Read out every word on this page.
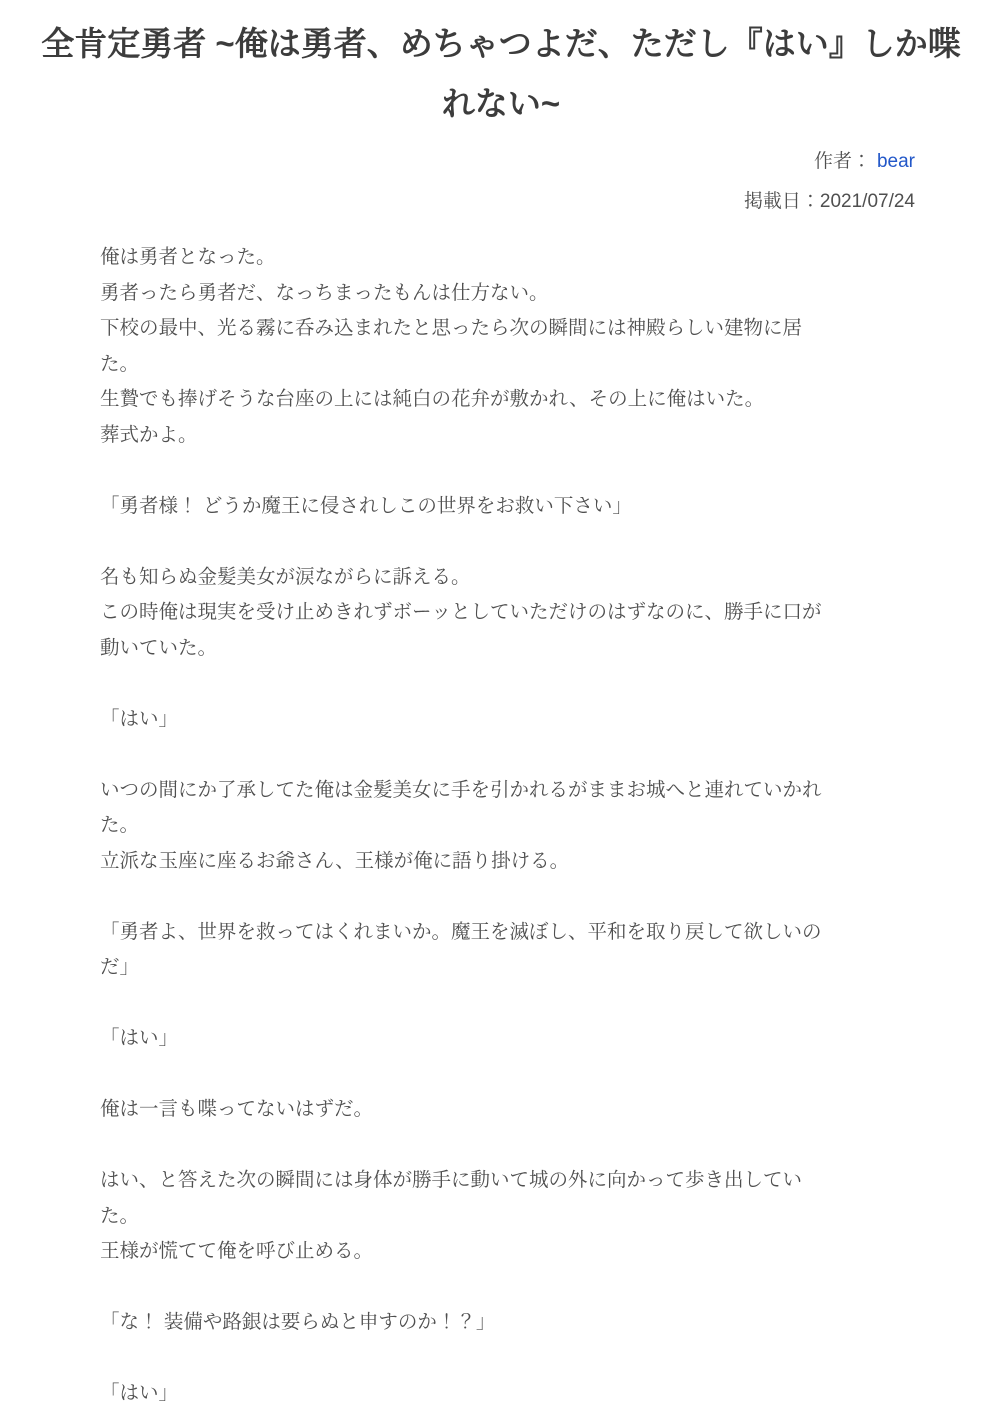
全肯定勇者 ~俺は勇者、めちゃつよだ、ただし『はい』しか喋れない~
作者： bear
掲載日：2021/07/24

俺は勇者となった。

勇者ったら勇者だ、なっちまったもんは仕方ない。

下校の最中、光る霧に呑み込まれたと思ったら次の瞬間には神殿らしい建物に居た。

生贄でも捧げそうな台座の上には純白の花弁が敷かれ、その上に俺はいた。

葬式かよ。

「勇者様！ どうか魔王に侵されしこの世界をお救い下さい」

名も知らぬ金髪美女が涙ながらに訴える。

この時俺は現実を受け止めきれずボーッとしていただけのはずなのに、勝手に口が動いていた。

「はい」

いつの間にか了承してた俺は金髪美女に手を引かれるがままお城へと連れていかれた。

立派な玉座に座るお爺さん、王様が俺に語り掛ける。

「勇者よ、世界を救ってはくれまいか。魔王を滅ぼし、平和を取り戻して欲しいのだ」

「はい」

俺は一言も喋ってないはずだ。

はい、と答えた次の瞬間には身体が勝手に動いて城の外に向かって歩き出していた。

王様が慌てて俺を呼び止める。

「な！ 装備や路銀は要らぬと申すのか！？」

「はい」
